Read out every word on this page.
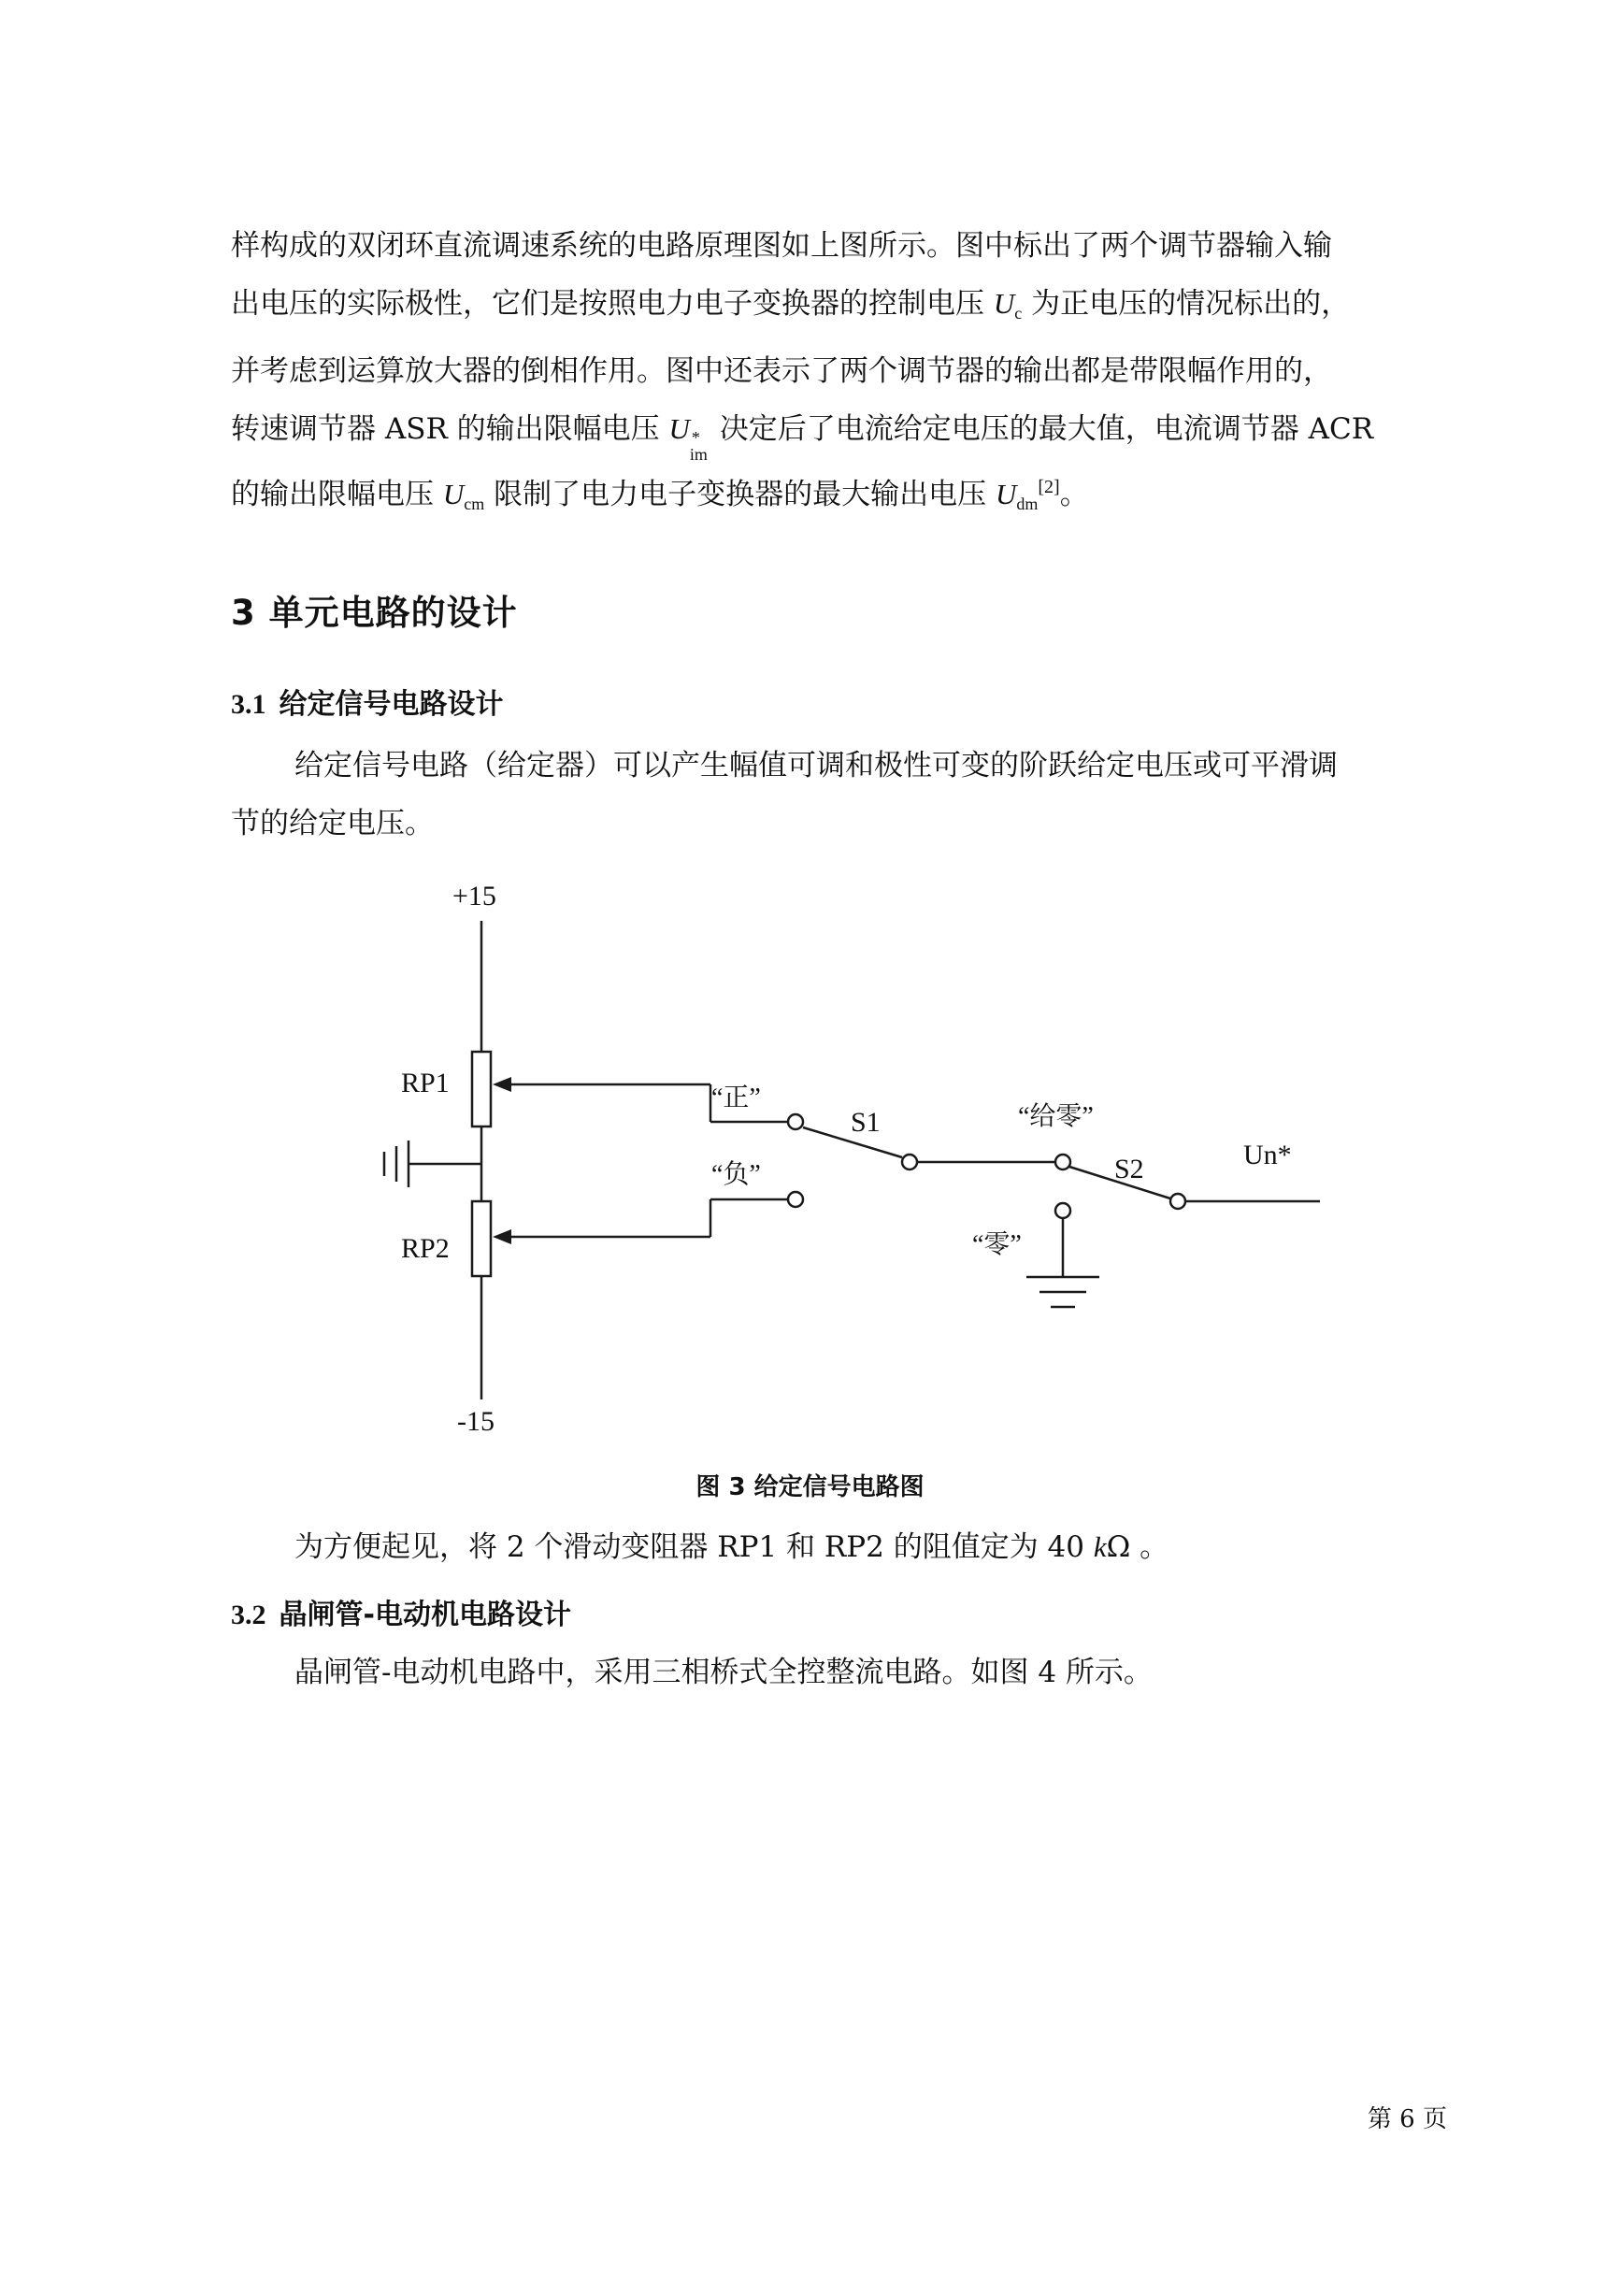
样构成的双闭环直流调速系统的电路原理图如上图所示。图中标出了两个调节器输入输
出电压的实际极性，它们是按照电力电子变换器的控制电压 $U_c$ 为正电压的情况标出的，
并考虑到运算放大器的倒相作用。图中还表示了两个调节器的输出都是带限幅作用的，
转速调节器 ASR 的输出限幅电压 U *
im
决定后了电流给定电压的最大值，电流调节器 ACR
的输出限幅电压 $U_{cm}$ 限制了电力电子变换器的最大输出电压 $U_{dm}[2]$。
3 单元电路的设计
3.1 给定信号电路设计
给定信号电路（给定器）可以产生幅值可调和极性可变的阶跃给定电压或可平滑调
节的给定电压。
+15
-15
RP1
RP2
“正”
“负”
S1	“给零”
S2
“零”
Un*
图 3 给定信号电路图
为方便起见，将 2 个滑动变阻器 RP1 和 RP2 的阻值定为 40 kΩ 。
3.2 晶闸管-电动机电路设计
晶闸管-电动机电路中，采用三相桥式全控整流电路。如图 4 所示。
第 6 页
